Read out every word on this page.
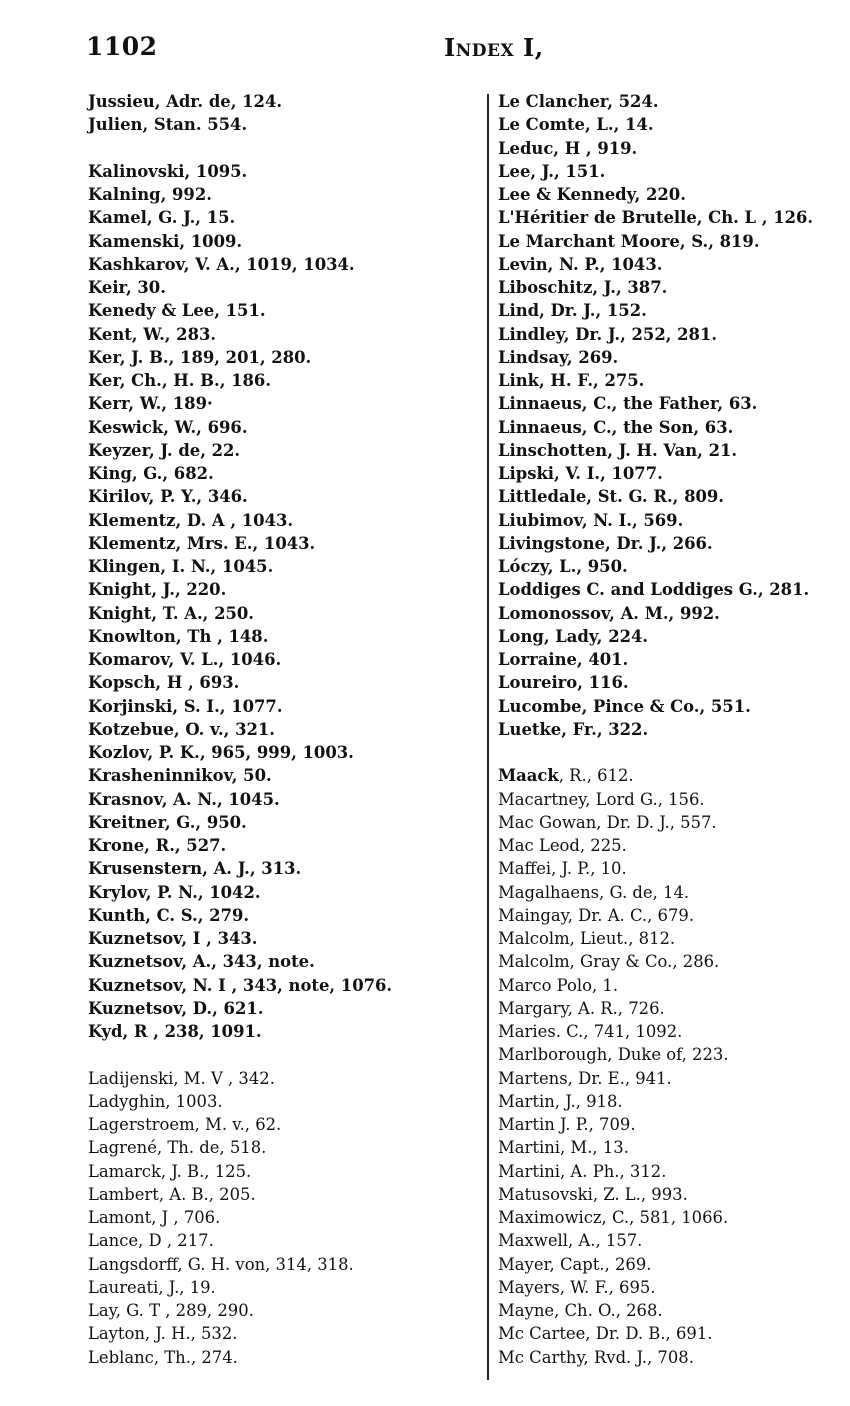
1102	Index I,
Jussieu, Adr. de, 124.
Julien, Stan. 554.
Kalinovski, 1095.
Kalning, 992.
Kamel, G. J., 15.
Kamenski, 1009.
Kashkarov, V. A., 1019, 1034.
Keir, 30.
Kenedy & Lee, 151.
Kent, W., 283.
Ker, J. B., 189, 201, 280.
Ker, Ch., H. B., 186.
Kerr, W., 189·
Keswick, W., 696.
Keyzer, J. de, 22.
King, G., 682.
Kirilov, P. Y., 346.
Klementz, D. A , 1043.
Klementz, Mrs. E., 1043.
Klingen, I. N., 1045.
Knight, J., 220.
Knight, T. A., 250.
Knowlton, Th , 148.
Komarov, V. L., 1046.
Kopsch, H , 693.
Korjinski, S. I., 1077.
Kotzebue, O. v., 321.
Kozlov, P. K., 965, 999, 1003.
Krasheninnikov, 50.
Krasnov, A. N., 1045.
Kreitner, G., 950.
Krone, R., 527.
Krusenstern, A. J., 313.
Krylov, P. N., 1042.
Kunth, C. S., 279.
Kuznetsov, I , 343.
Kuznetsov, A., 343, note.
Kuznetsov, N. I , 343, note, 1076.
Kuznetsov, D., 621.
Kyd, R , 238, 1091.
Ladijenski, M. V , 342.
Ladyghin, 1003.
Lagerstroem, M. v., 62.
Lagrené, Th. de, 518.
Lamarck, J. B., 125.
Lambert, A. B., 205.
Lamont, J , 706.
Lance, D , 217.
Langsdorff, G. H. von, 314, 318.
Laureati, J., 19.
Lay, G. T , 289, 290.
Layton, J. H., 532.
Leblanc, Th., 274.
Le Clancher, 524.
Le Comte, L., 14.
Leduc, H , 919.
Lee, J., 151.
Lee & Kennedy, 220.
L'Héritier de Brutelle, Ch. L , 126.
Le Marchant Moore, S., 819.
Levin, N. P., 1043.
Liboschitz, J., 387.
Lind, Dr. J., 152.
Lindley, Dr. J., 252, 281.
Lindsay, 269.
Link, H. F., 275.
Linnaeus, C., the Father, 63.
Linnaeus, C., the Son, 63.
Linschotten, J. H. Van, 21.
Lipski, V. I., 1077.
Littledale, St. G. R., 809.
Liubimov, N. I., 569.
Livingstone, Dr. J., 266.
Lóczy, L., 950.
Loddiges C. and Loddiges G., 281.
Lomonossov, A. M., 992.
Long, Lady, 224.
Lorraine, 401.
Loureiro, 116.
Lucombe, Pince & Co., 551.
Luetke, Fr., 322.
Maack, R., 612.
Macartney, Lord G., 156.
Mac Gowan, Dr. D. J., 557.
Mac Leod, 225.
Maffei, J. P., 10.
Magalhaens, G. de, 14.
Maingay, Dr. A. C., 679.
Malcolm, Lieut., 812.
Malcolm, Gray & Co., 286.
Marco Polo, 1.
Margary, A. R., 726.
Maries. C., 741, 1092.
Marlborough, Duke of, 223.
Martens, Dr. E., 941.
Martin, J., 918.
Martin J. P., 709.
Martini, M., 13.
Martini, A. Ph., 312.
Matusovski, Z. L., 993.
Maximowicz, C., 581, 1066.
Maxwell, A., 157.
Mayer, Capt., 269.
Mayers, W. F., 695.
Mayne, Ch. O., 268.
Mc Cartee, Dr. D. B., 691.
Mc Carthy, Rvd. J., 708.
